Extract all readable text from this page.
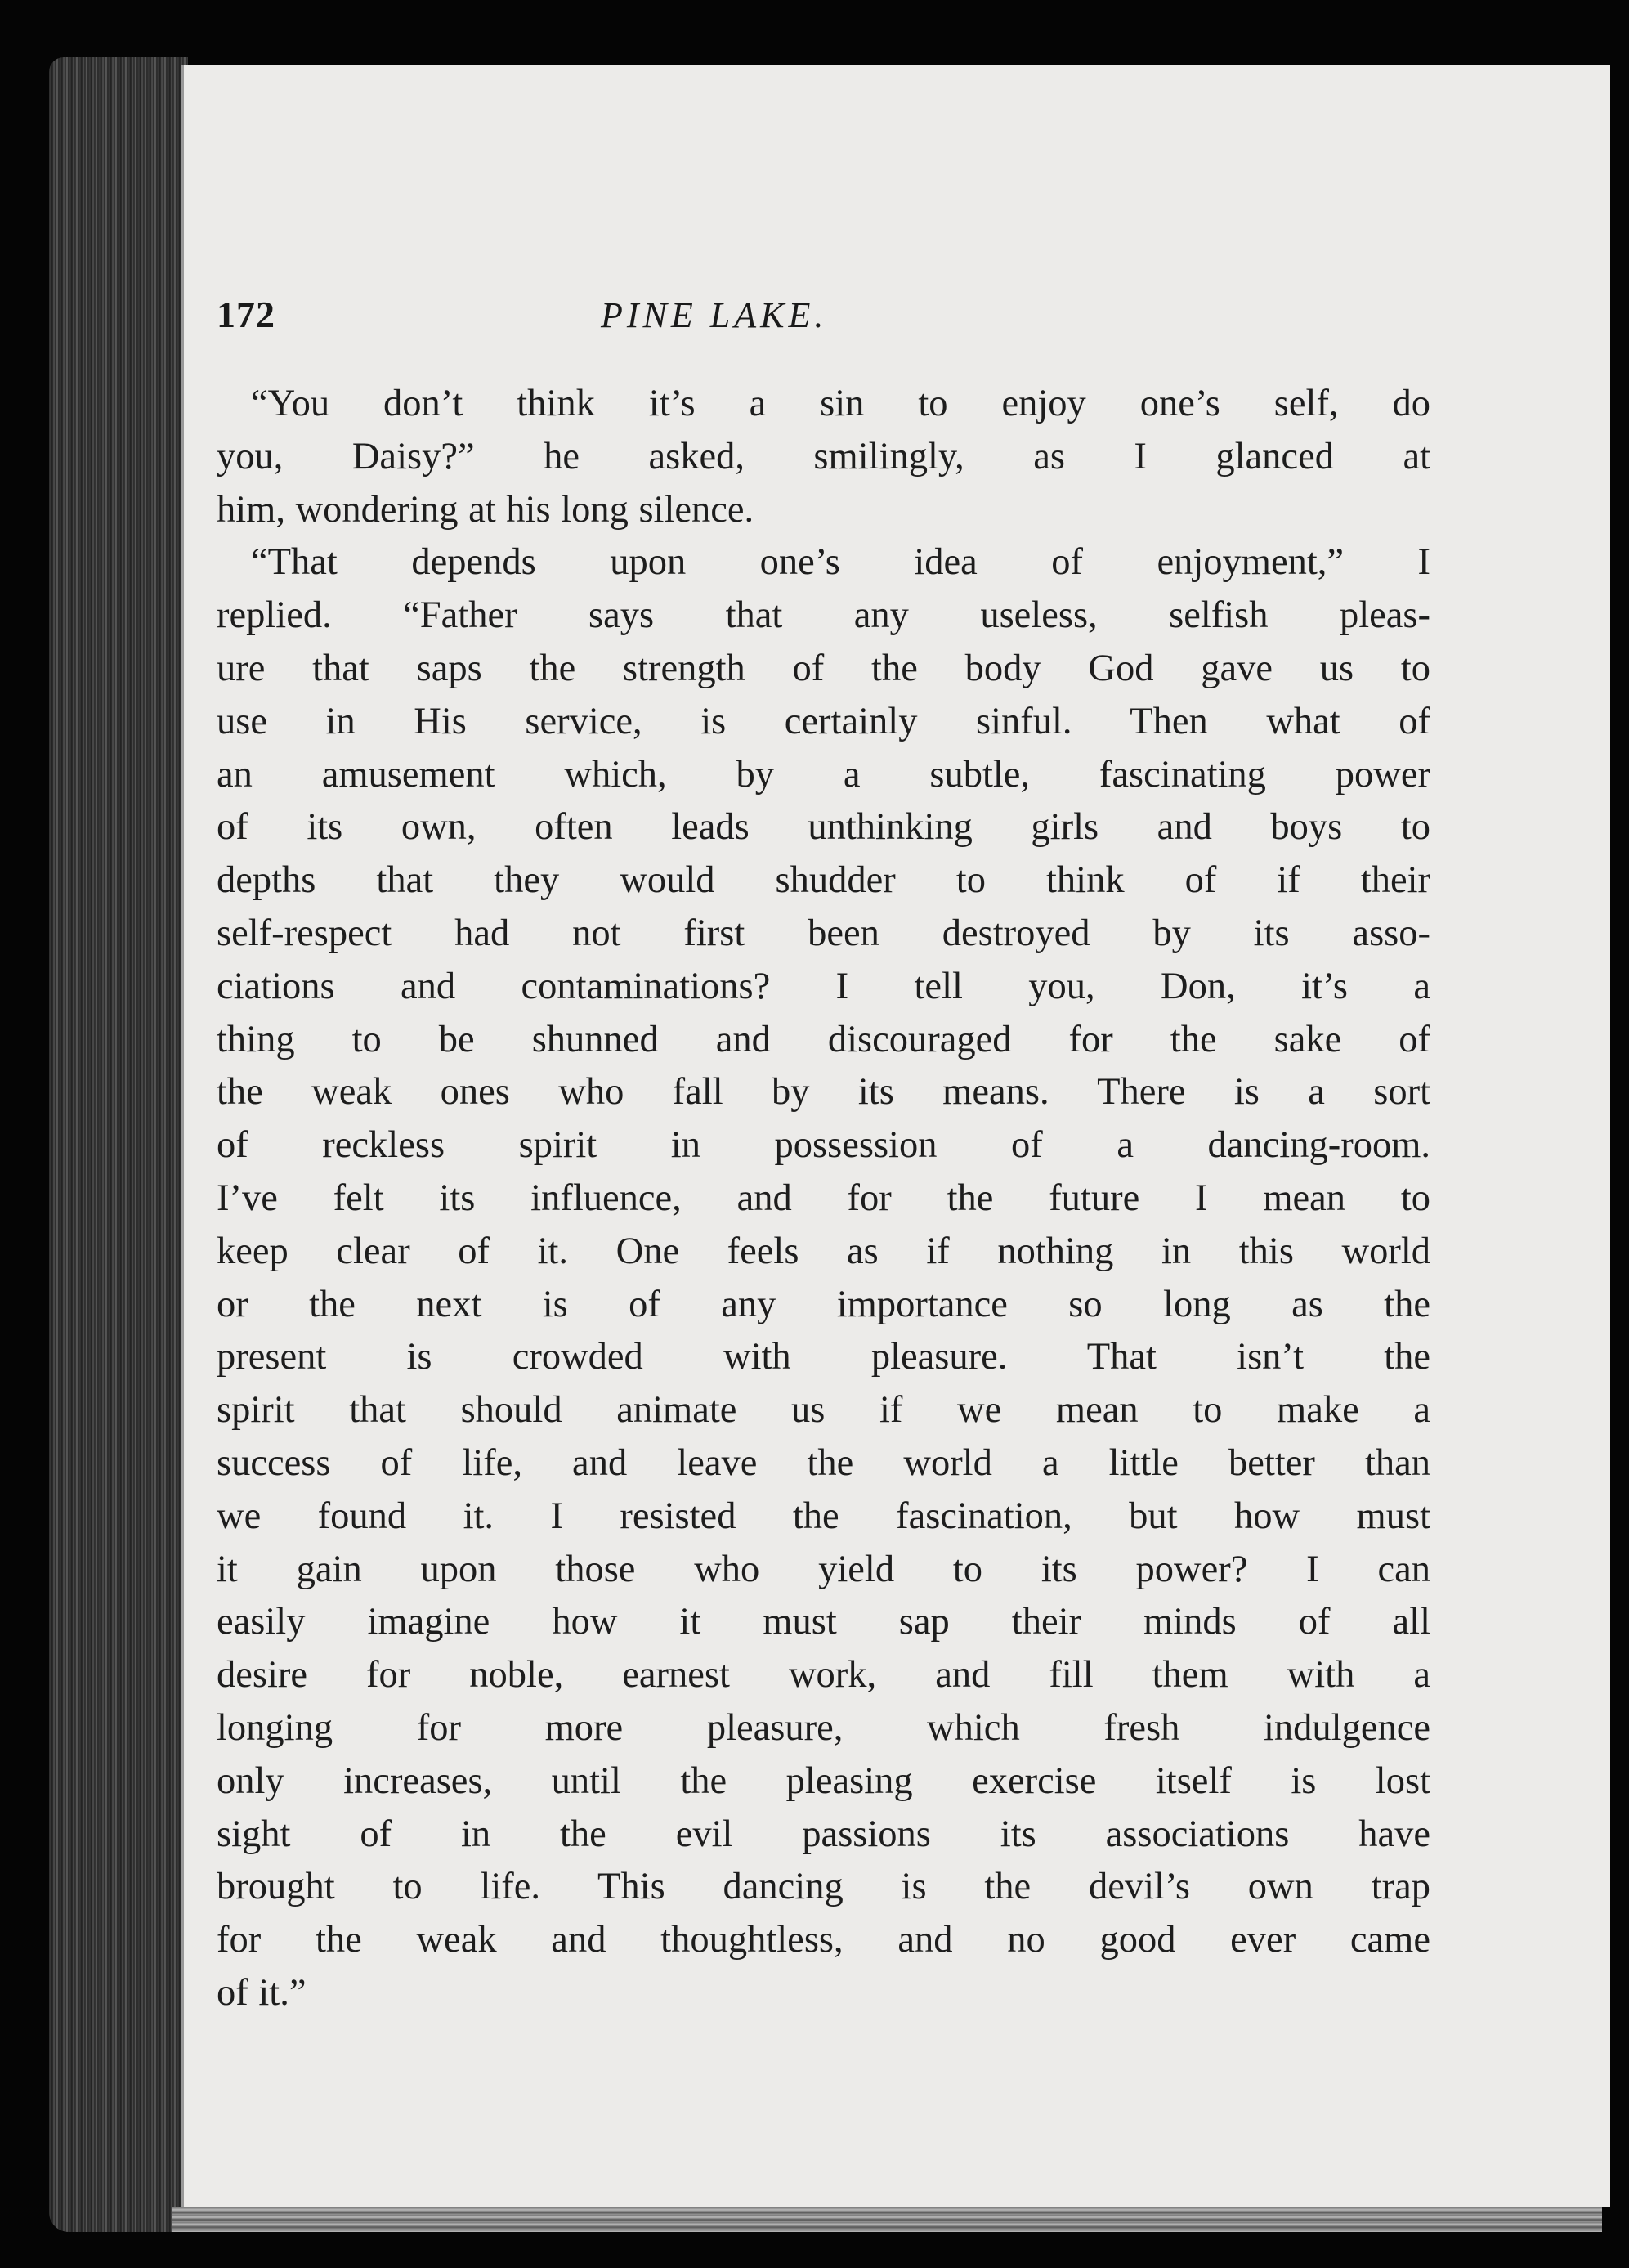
172	PINE LAKE.
“You don’t think it’s a sin to enjoy one’s self, do
you, Daisy?” he asked, smilingly, as I glanced at
him, wondering at his long silence.
“That depends upon one’s idea of enjoyment,” I
replied. “Father says that any useless, selfish pleas-
ure that saps the strength of the body God gave us to
use in His service, is certainly sinful. Then what of
an amusement which, by a subtle, fascinating power
of its own, often leads unthinking girls and boys to
depths that they would shudder to think of if their
self-respect had not first been destroyed by its asso-
ciations and contaminations? I tell you, Don, it’s a
thing to be shunned and discouraged for the sake of
the weak ones who fall by its means. There is a sort
of reckless spirit in possession of a dancing-room.
I’ve felt its influence, and for the future I mean to
keep clear of it. One feels as if nothing in this world
or the next is of any importance so long as the
present is crowded with pleasure. That isn’t the
spirit that should animate us if we mean to make a
success of life, and leave the world a little better than
we found it. I resisted the fascination, but how must
it gain upon those who yield to its power? I can
easily imagine how it must sap their minds of all
desire for noble, earnest work, and fill them with a
longing for more pleasure, which fresh indulgence
only increases, until the pleasing exercise itself is lost
sight of in the evil passions its associations have
brought to life. This dancing is the devil’s own trap
for the weak and thoughtless, and no good ever came
of it.”
